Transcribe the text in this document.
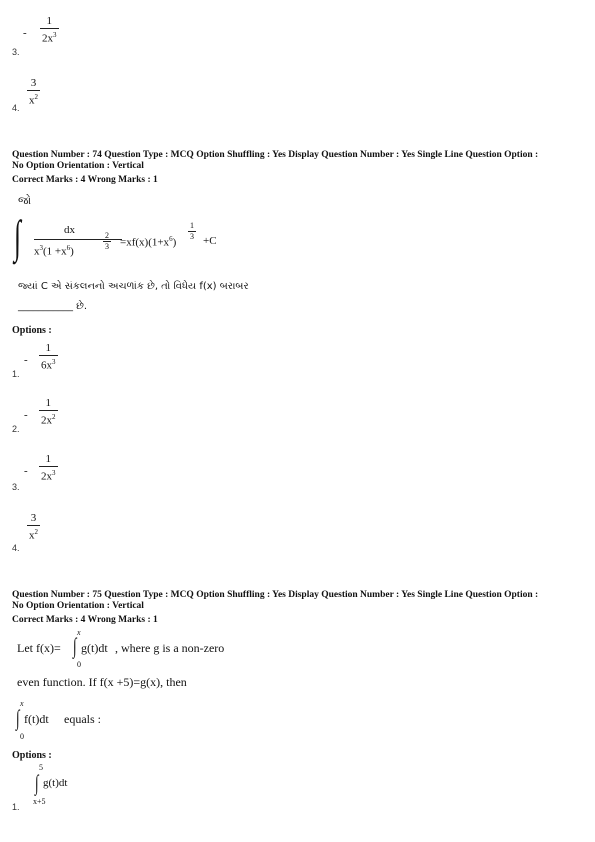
-
1
$2x^3$
3.
3
$x^2$
4.
Question Number : 74 Question Type : MCQ Option Shuffling : Yes Display Question Number : Yes Single Line Question Option :
No Option Orientation : Vertical
Correct Marks : 4 Wrong Marks : 1
જો
∫	dx
$x^3(1 +x^6)$
2
$3 =xf(x)(1+x^6)$
1
3 +C
જ્યાં C એ સંકલનનો અચળાંક છે, તો વિધેય f(x) બરાબર
___________ છે.
Options :
-
1
$6x^3$
1.
-
1
$2x^2$
2.
-
1
$2x^3$
3.
3
$x^2$
4.
Question Number : 75 Question Type : MCQ Option Shuffling : Yes Display Question Number : Yes Single Line Question Option :
No Option Orientation : Vertical
Correct Marks : 4 Wrong Marks : 1
Let f(x)=
x
∫ g(t)dt
0
, where g is a non-zero
even function. If f(x +5)=g(x), then
x
∫ f(t)dt equals :
0
Options :
5
∫ g(t)dt
x+5
1.
